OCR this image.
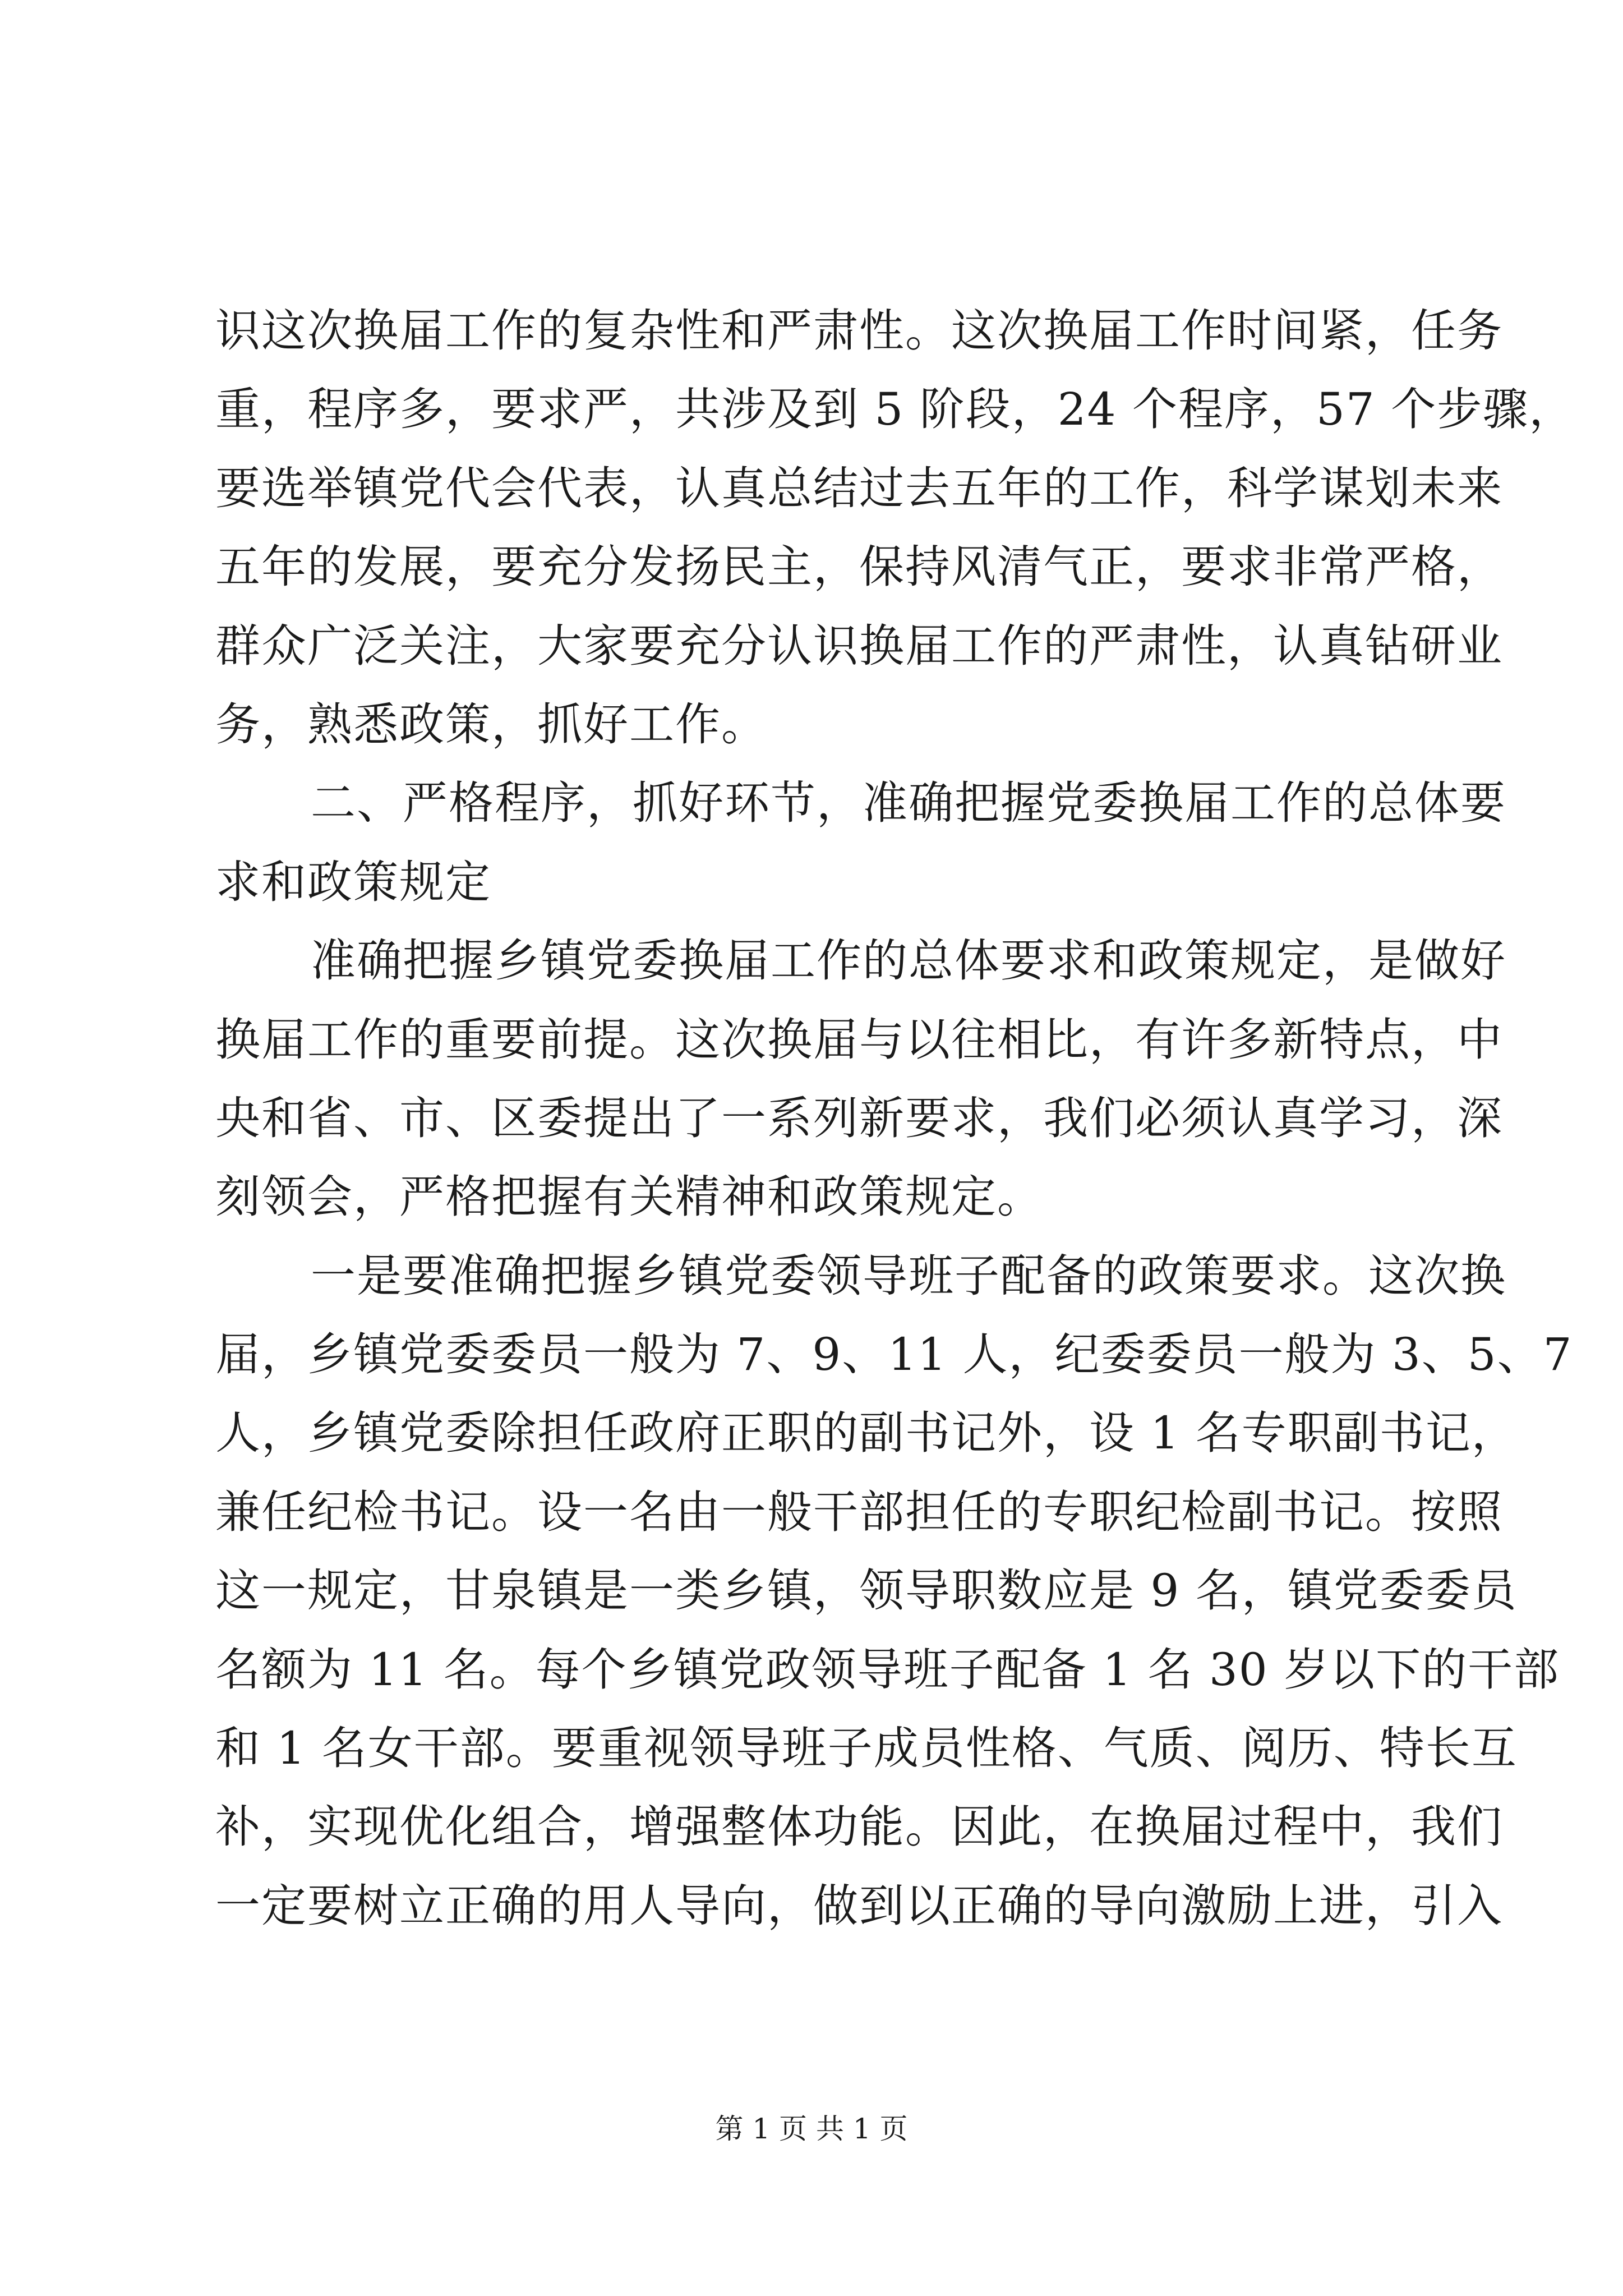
识这次换届工作的复杂性和严肃性。这次换届工作时间紧，任务
重，程序多，要求严，共涉及到 5 阶段，24 个程序，57 个步骤，
要选举镇党代会代表，认真总结过去五年的工作，科学谋划未来
五年的发展，要充分发扬民主，保持风清气正，要求非常严格，
群众广泛关注，大家要充分认识换届工作的严肃性，认真钻研业
务，熟悉政策，抓好工作。
二、严格程序，抓好环节，准确把握党委换届工作的总体要
求和政策规定
准确把握乡镇党委换届工作的总体要求和政策规定，是做好
换届工作的重要前提。这次换届与以往相比，有许多新特点，中
央和省、市、区委提出了一系列新要求，我们必须认真学习，深
刻领会，严格把握有关精神和政策规定。
一是要准确把握乡镇党委领导班子配备的政策要求。这次换
届，乡镇党委委员一般为 7、9、11 人，纪委委员一般为 3、5、7
人，乡镇党委除担任政府正职的副书记外，设 1 名专职副书记，
兼任纪检书记。设一名由一般干部担任的专职纪检副书记。按照
这一规定，甘泉镇是一类乡镇，领导职数应是 9 名，镇党委委员
名额为 11 名。每个乡镇党政领导班子配备 1 名 30 岁以下的干部
和 1 名女干部。要重视领导班子成员性格、气质、阅历、特长互
补，实现优化组合，增强整体功能。因此，在换届过程中，我们
一定要树立正确的用人导向，做到以正确的导向激励上进，引入
第 1 页 共 1 页
